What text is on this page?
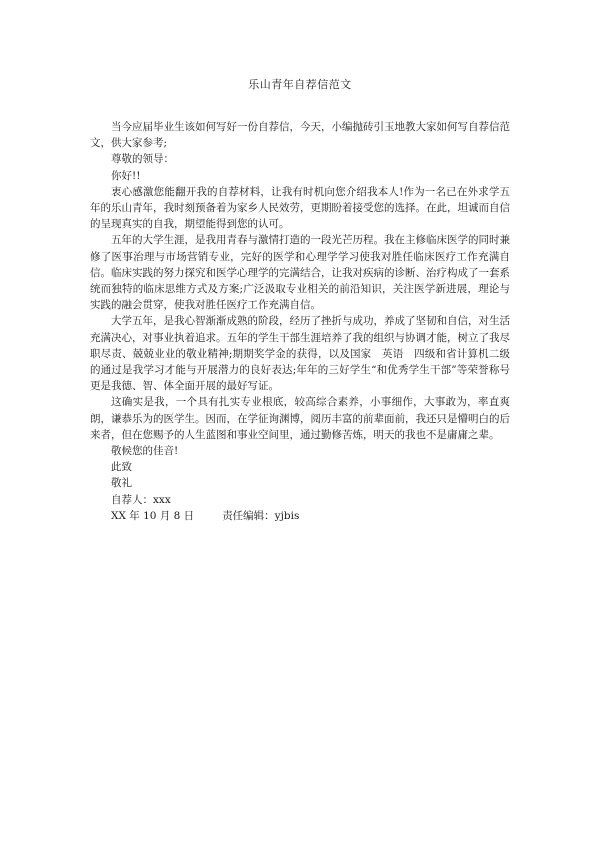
乐山青年自荐信范文

当今应届毕业生该如何写好一份自荐信，今天，小编抛砖引玉地教大家如何写自荐信范文，供大家参考;

尊敬的领导：

你好!!

衷心感激您能翻开我的自荐材料，让我有时机向您介绍我本人!作为一名已在外求学五年的乐山青年，我时刻预备着为家乡人民效劳，更期盼着接受您的选择。在此，坦诚而自信的呈现真实的自我，期望能得到您的认可。

五年的大学生涯，是我用青春与激情打造的一段光芒历程。我在主修临床医学的同时兼修了医事治理与市场营销专业，完好的医学和心理学学习使我对胜任临床医疗工作充满自信。临床实践的努力探究和医学心理学的完满结合，让我对疾病的诊断、治疗构成了一套系统而独特的临床思维方式及方案;广泛汲取专业相关的前沿知识，关注医学新进展，理论与实践的融会贯穿，使我对胜任医疗工作充满自信。

大学五年，是我心智渐渐成熟的阶段，经历了挫折与成功，养成了坚韧和自信，对生活充满决心，对事业执着追求。五年的学生干部生涯培养了我的组织与协调才能，树立了我尽职尽责、兢兢业业的敬业精神;期期奖学金的获得，以及国家　英语　四级和省计算机二级的通过是我学习才能与开展潜力的良好表达;年年的三好学生“和优秀学生干部”等荣誉称号更是我德、智、体全面开展的最好写证。

这确实是我，一个具有扎实专业根底，较高综合素养，小事细作，大事敢为，率直爽朗，谦恭乐为的医学生。因而，在学征询渊博，阅历丰富的前辈面前，我还只是懵明白的后来者，但在您赐予的人生蓝图和事业空间里，通过勤修苦炼，明天的我也不是庸庸之辈。

敬候您的佳音!

此致

敬礼

自荐人：xxx

XX 年 10 月 8 日	责任编辑：yjbis
